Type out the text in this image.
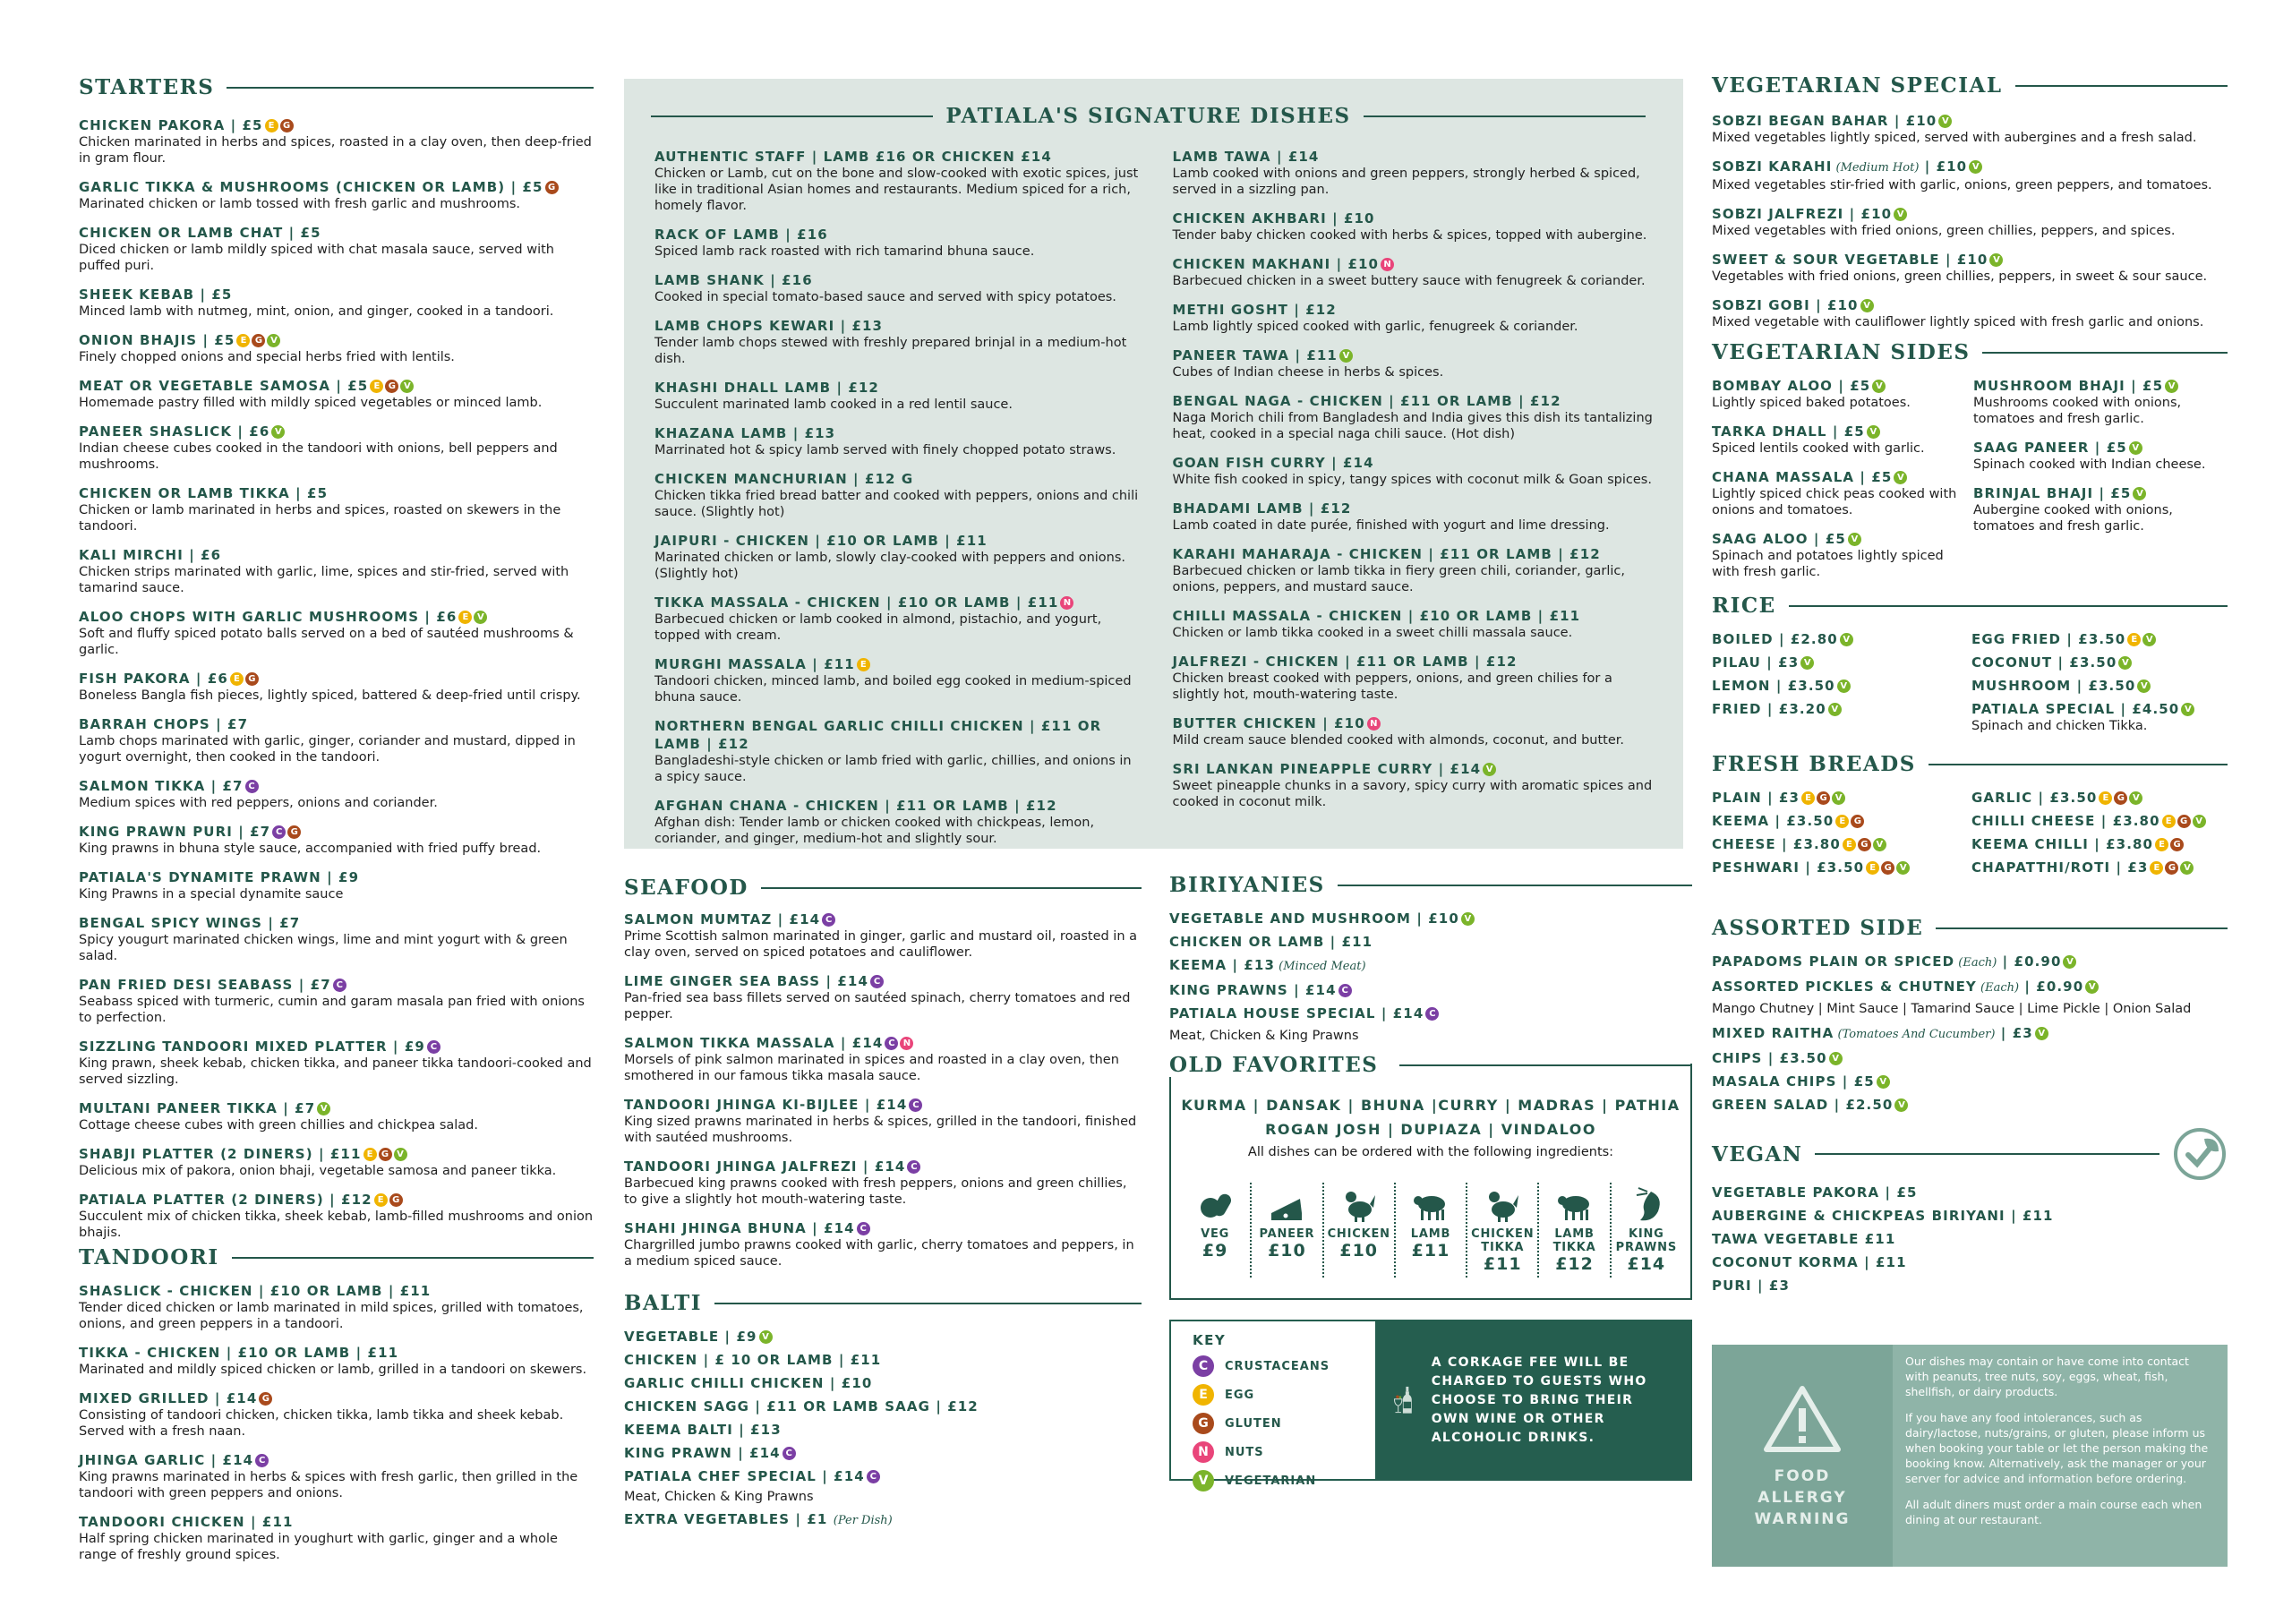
STARTERS
CHICKEN PAKORA | £5 E G
Chicken marinated in herbs and spices, roasted in a clay oven, then deep-fried in gram flour.
GARLIC TIKKA & MUSHROOMS (CHICKEN OR LAMB) | £5 G
Marinated chicken or lamb tossed with fresh garlic and mushrooms.
CHICKEN OR LAMB CHAT | £5
Diced chicken or lamb mildly spiced with chat masala sauce, served with puffed puri.
SHEEK KEBAB | £5
Minced lamb with nutmeg, mint, onion, and ginger, cooked in a tandoori.
ONION BHAJIS | £5 E G V
Finely chopped onions and special herbs fried with lentils.
MEAT OR VEGETABLE SAMOSA | £5 E G V
Homemade pastry filled with mildly spiced vegetables or minced lamb.
PANEER SHASLICK | £6 V
Indian cheese cubes cooked in the tandoori with onions, bell peppers and mushrooms.
CHICKEN OR LAMB TIKKA | £5
Chicken or lamb marinated in herbs and spices, roasted on skewers in the tandoori.
KALI MIRCHI | £6
Chicken strips marinated with garlic, lime, spices and stir-fried, served with tamarind sauce.
ALOO CHOPS WITH GARLIC MUSHROOMS | £6 E V
Soft and fluffy spiced potato balls served on a bed of sautéed mushrooms & garlic.
FISH PAKORA | £6 E G
Boneless Bangla fish pieces, lightly spiced, battered & deep-fried until crispy.
BARRAH CHOPS | £7
Lamb chops marinated with garlic, ginger, coriander and mustard, dipped in yogurt overnight, then cooked in the tandoori.
SALMON TIKKA | £7 C
Medium spices with red peppers, onions and coriander.
KING PRAWN PURI | £7 C G
King prawns in bhuna style sauce, accompanied with fried puffy bread.
PATIALA'S DYNAMITE PRAWN | £9
King Prawns in a special dynamite sauce
BENGAL SPICY WINGS | £7
Spicy yougurt marinated chicken wings, lime and mint yogurt with & green salad.
PAN FRIED DESI SEABASS | £7 C
Seabass spiced with turmeric, cumin and garam masala pan fried with onions to perfection.
SIZZLING TANDOORI MIXED PLATTER | £9 C
King prawn, sheek kebab, chicken tikka, and paneer tikka tandoori-cooked and served sizzling.
MULTANI PANEER TIKKA | £7 V
Cottage cheese cubes with green chillies and chickpea salad.
SHABJI PLATTER (2 DINERS) | £11 E G V
Delicious mix of pakora, onion bhaji, vegetable samosa and paneer tikka.
PATIALA PLATTER (2 DINERS) | £12 E G
Succulent mix of chicken tikka, sheek kebab, lamb-filled mushrooms and onion bhajis.
TANDOORI
SHASLICK - CHICKEN | £10 OR LAMB | £11
Tender diced chicken or lamb marinated in mild spices, grilled with tomatoes, onions, and green peppers in a tandoori.
TIKKA - CHICKEN | £10 OR LAMB | £11
Marinated and mildly spiced chicken or lamb, grilled in a tandoori on skewers.
MIXED GRILLED | £14 G
Consisting of tandoori chicken, chicken tikka, lamb tikka and sheek kebab. Served with a fresh naan.
JHINGA GARLIC | £14 C
King prawns marinated in herbs & spices with fresh garlic, then grilled in the tandoori with green peppers and onions.
TANDOORI CHICKEN | £11
Half spring chicken marinated in youghurt with garlic, ginger and a whole range of freshly ground spices.
PATIALA'S SIGNATURE DISHES
AUTHENTIC STAFF | LAMB £16 OR CHICKEN £14
Chicken or Lamb, cut on the bone and slow-cooked with exotic spices, just like in traditional Asian homes and restaurants. Medium spiced for a rich, homely flavor.
RACK OF LAMB | £16
Spiced lamb rack roasted with rich tamarind bhuna sauce.
LAMB SHANK | £16
Cooked in special tomato-based sauce and served with spicy potatoes.
LAMB CHOPS KEWARI | £13
Tender lamb chops stewed with freshly prepared brinjal in a medium-hot dish.
KHASHI DHALL LAMB | £12
Succulent marinated lamb cooked in a red lentil sauce.
KHAZANA LAMB | £13
Marrinated hot & spicy lamb served with finely chopped potato straws.
CHICKEN MANCHURIAN | £12 G
Chicken tikka fried bread batter and cooked with peppers, onions and chili sauce. (Slightly hot)
JAIPURI - CHICKEN | £10 OR LAMB | £11
Marinated chicken or lamb, slowly clay-cooked with peppers and onions. (Slightly hot)
TIKKA MASSALA - CHICKEN | £10 OR LAMB | £11 N
Barbecued chicken or lamb cooked in almond, pistachio, and yogurt, topped with cream.
MURGHI MASSALA | £11 E
Tandoori chicken, minced lamb, and boiled egg cooked in medium-spiced bhuna sauce.
NORTHERN BENGAL GARLIC CHILLI CHICKEN | £11 OR LAMB | £12
Bangladeshi-style chicken or lamb fried with garlic, chillies, and onions in a spicy sauce.
AFGHAN CHANA - CHICKEN | £11 OR LAMB | £12
Afghan dish: Tender lamb or chicken cooked with chickpeas, lemon, coriander, and ginger, medium-hot and slightly sour.
LAMB TAWA | £14
Lamb cooked with onions and green peppers, strongly herbed & spiced, served in a sizzling pan.
CHICKEN AKHBARI | £10
Tender baby chicken cooked with herbs & spices, topped with aubergine.
CHICKEN MAKHANI | £10 N
Barbecued chicken in a sweet buttery sauce with fenugreek & coriander.
METHI GOSHT | £12
Lamb lightly spiced cooked with garlic, fenugreek & coriander.
PANEER TAWA | £11 V
Cubes of Indian cheese in herbs & spices.
BENGAL NAGA - CHICKEN | £11 OR LAMB | £12
Naga Morich chili from Bangladesh and India gives this dish its tantalizing heat, cooked in a special naga chili sauce. (Hot dish)
GOAN FISH CURRY | £14
White fish cooked in spicy, tangy spices with coconut milk & Goan spices.
BHADAMI LAMB | £12
Lamb coated in date purée, finished with yogurt and lime dressing.
KARAHI MAHARAJA - CHICKEN | £11 OR LAMB | £12
Barbecued chicken or lamb tikka in fiery green chili, coriander, garlic, onions, peppers, and mustard sauce.
CHILLI MASSALA - CHICKEN | £10 OR LAMB | £11
Chicken or lamb tikka cooked in a sweet chilli massala sauce.
JALFREZI - CHICKEN | £11 OR LAMB | £12
Chicken breast cooked with peppers, onions, and green chilies for a slightly hot, mouth-watering taste.
BUTTER CHICKEN | £10 N
Mild cream sauce blended cooked with almonds, coconut, and butter.
SRI LANKAN PINEAPPLE CURRY | £14 V
Sweet pineapple chunks in a savory, spicy curry with aromatic spices and cooked in coconut milk.
SEAFOOD
SALMON MUMTAZ | £14 C
Prime Scottish salmon marinated in ginger, garlic and mustard oil, roasted in a clay oven, served on spiced potatoes and cauliflower.
LIME GINGER SEA BASS | £14 C
Pan-fried sea bass fillets served on sautéed spinach, cherry tomatoes and red pepper.
SALMON TIKKA MASSALA | £14 C N
Morsels of pink salmon marinated in spices and roasted in a clay oven, then smothered in our famous tikka masala sauce.
TANDOORI JHINGA KI-BIJLEE | £14 C
King sized prawns marinated in herbs & spices, grilled in the tandoori, finished with sautéed mushrooms.
TANDOORI JHINGA JALFREZI | £14 C
Barbecued king prawns cooked with fresh peppers, onions and green chillies, to give a slightly hot mouth-watering taste.
SHAHI JHINGA BHUNA | £14 C
Chargrilled jumbo prawns cooked with garlic, cherry tomatoes and peppers, in a medium spiced sauce.
BALTI
VEGETABLE | £9 V
CHICKEN | £ 10 OR LAMB | £11
GARLIC CHILLI CHICKEN | £10
CHICKEN SAGG | £11 OR LAMB SAAG | £12
KEEMA BALTI | £13
KING PRAWN | £14 C
PATIALA CHEF SPECIAL | £14 C
Meat, Chicken & King Prawns
EXTRA VEGETABLES | £1 (Per Dish)
BIRIYANIES
VEGETABLE AND MUSHROOM | £10 V
CHICKEN OR LAMB | £11
KEEMA | £13 (Minced Meat)
KING PRAWNS | £14 C
PATIALA HOUSE SPECIAL | £14 C
Meat, Chicken & King Prawns
OLD FAVORITES
KURMA | DANSAK | BHUNA |CURRY | MADRAS | PATHIA
ROGAN JOSH | DUPIAZA | VINDALOO
All dishes can be ordered with the following ingredients:
VEG
£9
PANEER
£10
CHICKEN
£10
LAMB
£11
CHICKEN TIKKA
£11
LAMB TIKKA
£12
KING PRAWNS
£14
KEY
C	CRUSTACEANS
E	EGG
G	GLUTEN
N	NUTS
V	VEGETARIAN
A CORKAGE FEE WILL BE CHARGED TO GUESTS WHO CHOOSE TO BRING THEIR OWN WINE OR OTHER ALCOHOLIC DRINKS.
VEGETARIAN SPECIAL
SOBZI BEGAN BAHAR | £10 V
Mixed vegetables lightly spiced, served with aubergines and a fresh salad.
SOBZI KARAHI (Medium Hot) | £10 V
Mixed vegetables stir-fried with garlic, onions, green peppers, and tomatoes.
SOBZI JALFREZI | £10 V
Mixed vegetables with fried onions, green chillies, peppers, and spices.
SWEET & SOUR VEGETABLE | £10 V
Vegetables with fried onions, green chillies, peppers, in sweet & sour sauce.
SOBZI GOBI | £10 V
Mixed vegetable with cauliflower lightly spiced with fresh garlic and onions.
VEGETARIAN SIDES
BOMBAY ALOO | £5 V
Lightly spiced baked potatoes.
TARKA DHALL | £5 V
Spiced lentils cooked with garlic.
CHANA MASSALA | £5 V
Lightly spiced chick peas cooked with onions and tomatoes.
SAAG ALOO | £5 V
Spinach and potatoes lightly spiced with fresh garlic.
MUSHROOM BHAJI | £5 V
Mushrooms cooked with onions, tomatoes and fresh garlic.
SAAG PANEER | £5 V
Spinach cooked with Indian cheese.
BRINJAL BHAJI | £5 V
Aubergine cooked with onions, tomatoes and fresh garlic.
RICE
BOILED | £2.80 V
PILAU | £3 V
LEMON | £3.50 V
FRIED | £3.20 V
EGG FRIED | £3.50 E V
COCONUT | £3.50 V
MUSHROOM | £3.50 V
PATIALA SPECIAL | £4.50 V
Spinach and chicken Tikka.
FRESH BREADS
PLAIN | £3 E G V
KEEMA | £3.50 E G
CHEESE | £3.80 E G V
PESHWARI | £3.50 E G V
GARLIC | £3.50 E G V
CHILLI CHEESE | £3.80 E G V
KEEMA CHILLI | £3.80 E G
CHAPATTHI/ROTI | £3 E G V
ASSORTED SIDE
PAPADOMS PLAIN OR SPICED (Each) | £0.90 V
ASSORTED PICKLES & CHUTNEY (Each) | £0.90 V
Mango Chutney | Mint Sauce | Tamarind Sauce | Lime Pickle | Onion Salad
MIXED RAITHA (Tomatoes And Cucumber) | £3 V
CHIPS | £3.50 V
MASALA CHIPS | £5 V
GREEN SALAD | £2.50 V
VEGAN
VEGETABLE PAKORA | £5
AUBERGINE & CHICKPEAS BIRIYANI | £11
TAWA VEGETABLE £11
COCONUT KORMA | £11
PURI | £3
FOOD
ALLERGY
WARNING
Our dishes may contain or have come into contact with peanuts, tree nuts, soy, eggs, wheat, fish, shellfish, or dairy products.
If you have any food intolerances, such as dairy/lactose, nuts/grains, or gluten, please inform us when booking your table or let the person making the booking know. Alternatively, ask the manager or your server for advice and information before ordering.
All adult diners must order a main course each when dining at our restaurant.
